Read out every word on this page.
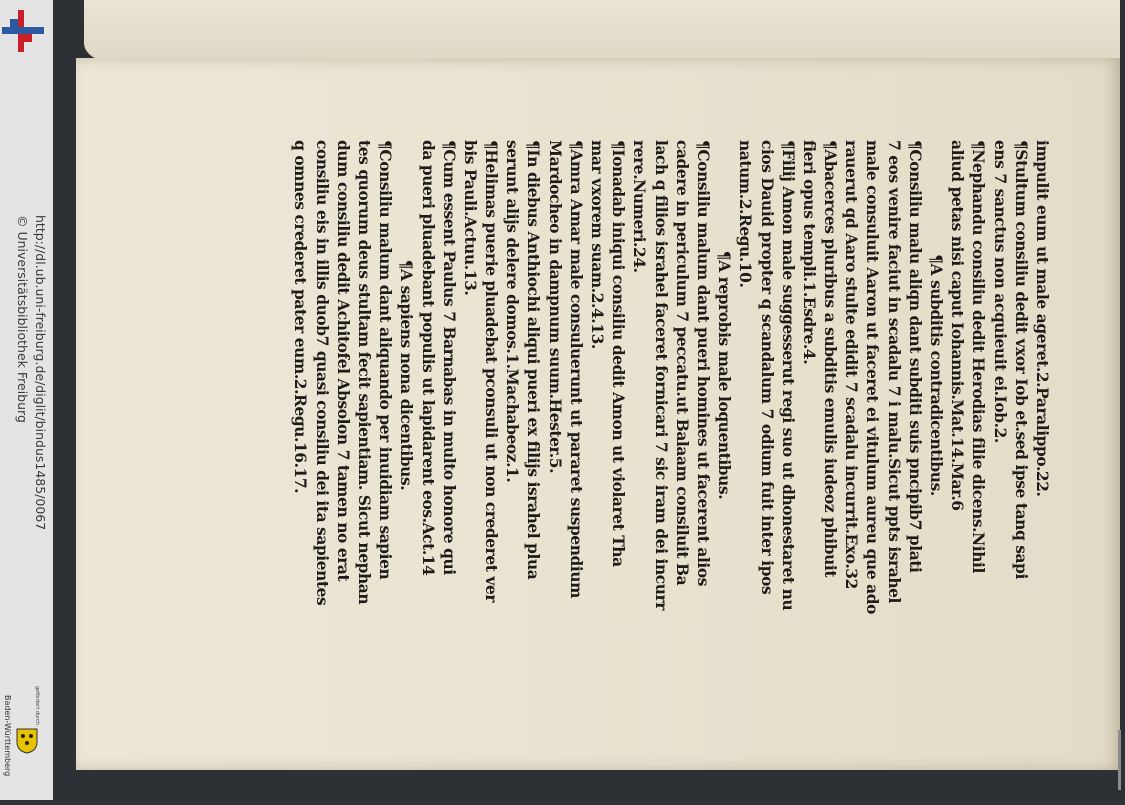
http://dl.ub.uni-freiburg.de/diglit/bindus1485/0067
© Universitätsbibliothek Freiburg
gefördert durch
Baden-Württemberg
impulit eum ut male ageret.2.Paralippo.22.
¶Stultum consiliu dedit vxor Iob et.sed ipse tanq sapi
ens 7 sanctus non acquieuit ei.Iob.2.
¶Nephandu consiliu dedit Herodias filie dicens.Nihil
aliud petas nisi caput Iohannis.Mat.14.Mar.6
¶A subditis contradicentibus.
¶Consiliu malu aliqn dant subditi suis pncipib7 plati
7 eos venire faciut in scadalu 7 i malu.Sicut ppts israhel
male consuluit Aaron ut faceret ei vitulum aureu que ado
rauerut qd Aaro stulte edidit 7 scadalu incurrit.Exo.32
¶Abacerces pluribus a subditis emulis iudeoz phibuit
fieri opus templi.1.Esdre.4.
¶Filij Amon male suggesserut regi suo ut dhonestaret nu
cios Dauid propter q scandalum 7 odium fuit inter ipos
natum.2.Regu.10.
¶A reprobis male loquentibus.
¶Consiliu malum dant pueri homines ut facerent alios
cadere in periculum 7 peccatu.ut Balaam consiluit Ba
lach q filios israhel faceret fornicari 7 sic iram dei incurr
rere.Numeri.24.
¶Ionadab iniqui consiliu dedit Amon ut violaret Tha
mar vxorem suam.2.4.13.
¶Amra Amar male consuluerunt ut pararet suspendium
Mardocheo in dampnum suum.Hester.5.
¶In diebus Anthiochi aliqui pueri ex filijs israhel plua
serunt alijs delere domos.1.Machabeoz.1.
¶Helimas puerie pluadebat pconsuli ut non crederet ver
bis Pauli.Actuu.13.
¶Cum essent Paulus 7 Barnabas in multo honore qui
da pueri pluadebant populis ut lapidarent eos.Act.14
¶A sapiens nona dicentibus.
¶Consiliu malum dant aliquando per inuidiam sapien
tes quorum deus stultam fecit sapientiam. Sicut nephan
dum consiliu dedit Achitofel Absolon 7 tamen no erat
consiliu eis in illis duob7 quasi consiliu dei ita sapientes
q omnes crederet pater eum.2.Regu.16.17.
